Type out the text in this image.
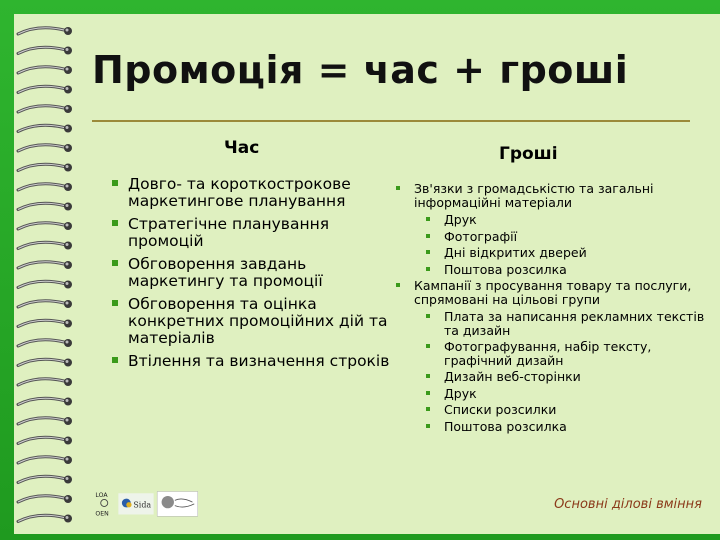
Промоція = час + гроші
Час	Гроші
Довго- та короткострокове маркетингове планування
Стратегічне планування промоцій
Обговорення завдань маркетингу та промоції
Обговорення та оцінка конкретних промоційних дій та матеріалів
Втілення та визначення строків
Зв'язки з громадськістю та загальні інформаційні матеріали
Друк
Фотографії
Дні відкритих дверей
Поштова розсилка
Кампанії з просування товару та послуги, спрямовані на цільові групи
Плата за написання рекламних текстів та дизайн
Фотографування, набір тексту, графічний дизайн
Дизайн веб-сторінки
Друк
Списки розсилки
Поштова розсилка
LOA
OEN
Sida	Основні ділові вміння
